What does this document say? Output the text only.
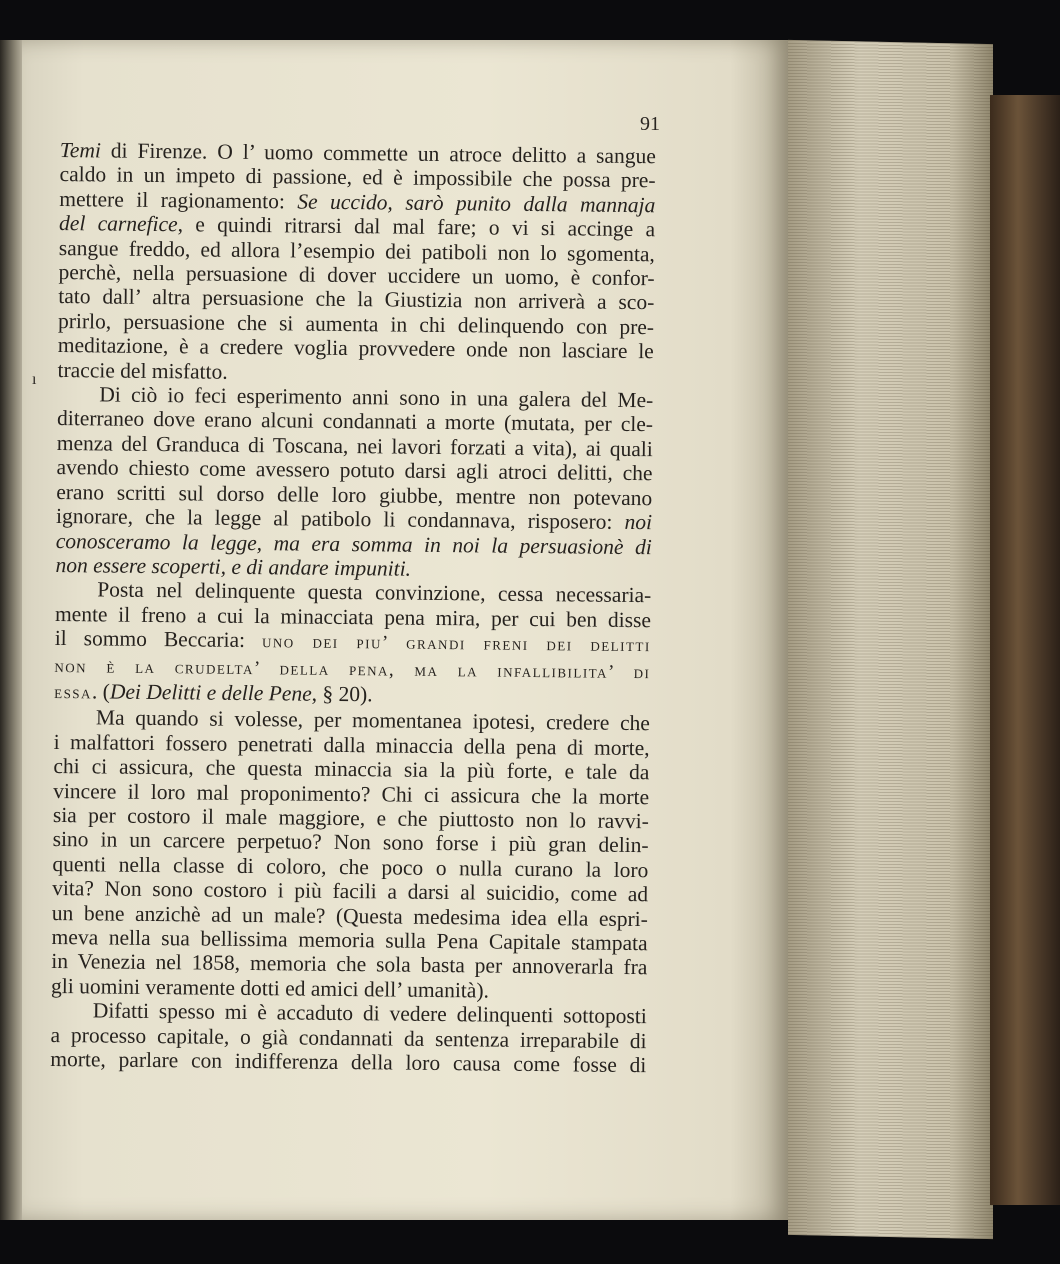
91
ı
Temi di Firenze. O l’ uomo commette un atroce delitto a sangue
caldo in un impeto di passione, ed è impossibile che possa pre-
mettere il ragionamento: Se uccido, sarò punito dalla mannaja
del carnefice, e quindi ritrarsi dal mal fare; o vi si accinge a
sangue freddo, ed allora l’esempio dei patiboli non lo sgomenta,
perchè, nella persuasione di dover uccidere un uomo, è confor-
tato dall’ altra persuasione che la Giustizia non arriverà a sco-
prirlo, persuasione che si aumenta in chi delinquendo con pre-
meditazione, è a credere voglia provvedere onde non lasciare le
traccie del misfatto.
Di ciò io feci esperimento anni sono in una galera del Me-
diterraneo dove erano alcuni condannati a morte (mutata, per cle-
menza del Granduca di Toscana, nei lavori forzati a vita), ai quali
avendo chiesto come avessero potuto darsi agli atroci delitti, che
erano scritti sul dorso delle loro giubbe, mentre non potevano
ignorare, che la legge al patibolo li condannava, risposero: noi
conosceramo la legge, ma era somma in noi la persuasionè di
non essere scoperti, e di andare impuniti.
Posta nel delinquente questa convinzione, cessa necessaria-
mente il freno a cui la minacciata pena mira, per cui ben disse
il sommo Beccaria: uno dei piu’ grandi freni dei delitti
non è la crudelta’ della pena, ma la infallibilita’ di
essa. (Dei Delitti e delle Pene, § 20).
Ma quando si volesse, per momentanea ipotesi, credere che
i malfattori fossero penetrati dalla minaccia della pena di morte,
chi ci assicura, che questa minaccia sia la più forte, e tale da
vincere il loro mal proponimento? Chi ci assicura che la morte
sia per costoro il male maggiore, e che piuttosto non lo ravvi-
sino in un carcere perpetuo? Non sono forse i più gran delin-
quenti nella classe di coloro, che poco o nulla curano la loro
vita? Non sono costoro i più facili a darsi al suicidio, come ad
un bene anzichè ad un male? (Questa medesima idea ella espri-
meva nella sua bellissima memoria sulla Pena Capitale stampata
in Venezia nel 1858, memoria che sola basta per annoverarla fra
gli uomini veramente dotti ed amici dell’ umanità).
Difatti spesso mi è accaduto di vedere delinquenti sottoposti
a processo capitale, o già condannati da sentenza irreparabile di
morte, parlare con indifferenza della loro causa come fosse di
